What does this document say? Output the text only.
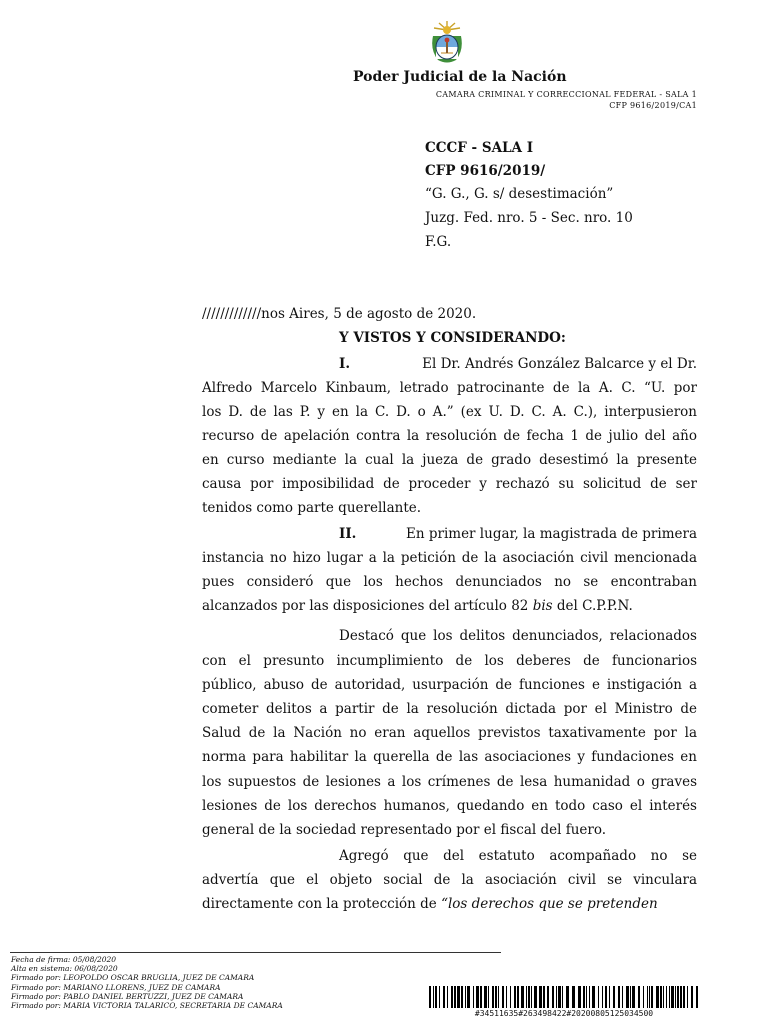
Poder Judicial de la Nación
CAMARA CRIMINAL Y CORRECCIONAL FEDERAL - SALA 1
CFP 9616/2019/CA1
CCCF - SALA I
CFP 9616/2019/
“G. G., G. s/ desestimación”
Juzg. Fed. nro. 5 - Sec. nro. 10
F.G.
/////////////nos Aires, 5 de agosto de 2020.
Y VISTOS Y CONSIDERANDO:
I.	El Dr. Andrés González Balcarce y el Dr.
Alfredo Marcelo Kinbaum, letrado patrocinante de la A. C. “U. por
los D. de las P. y en la C. D. o A.” (ex U. D. C. A. C.), interpusieron
recurso de apelación contra la resolución de fecha 1 de julio del año
en curso mediante la cual la jueza de grado desestimó la presente
causa por imposibilidad de proceder y rechazó su solicitud de ser
tenidos como parte querellante.
II.	En primer lugar, la magistrada de primera
instancia no hizo lugar a la petición de la asociación civil mencionada
pues consideró que los hechos denunciados no se encontraban
alcanzados por las disposiciones del artículo 82 bis del C.P.P.N.
Destacó que los delitos denunciados, relacionados
con el presunto incumplimiento de los deberes de funcionarios
público, abuso de autoridad, usurpación de funciones e instigación a
cometer delitos a partir de la resolución dictada por el Ministro de
Salud de la Nación no eran aquellos previstos taxativamente por la
norma para habilitar la querella de las asociaciones y fundaciones en
los supuestos de lesiones a los crímenes de lesa humanidad o graves
lesiones de los derechos humanos, quedando en todo caso el interés
general de la sociedad representado por el fiscal del fuero.
Agregó que del estatuto acompañado no se
advertía que el objeto social de la asociación civil se vinculara
directamente con la protección de “los derechos que se pretenden
Fecha de firma: 05/08/2020
Alta en sistema: 06/08/2020
Firmado por: LEOPOLDO OSCAR BRUGLIA, JUEZ DE CAMARA
Firmado por: MARIANO LLORENS, JUEZ DE CAMARA
Firmado por: PABLO DANIEL BERTUZZI, JUEZ DE CAMARA
Firmado por: MARIA VICTORIA TALARICO, SECRETARIA DE CAMARA
#34511635#263498422#20200805125034500
